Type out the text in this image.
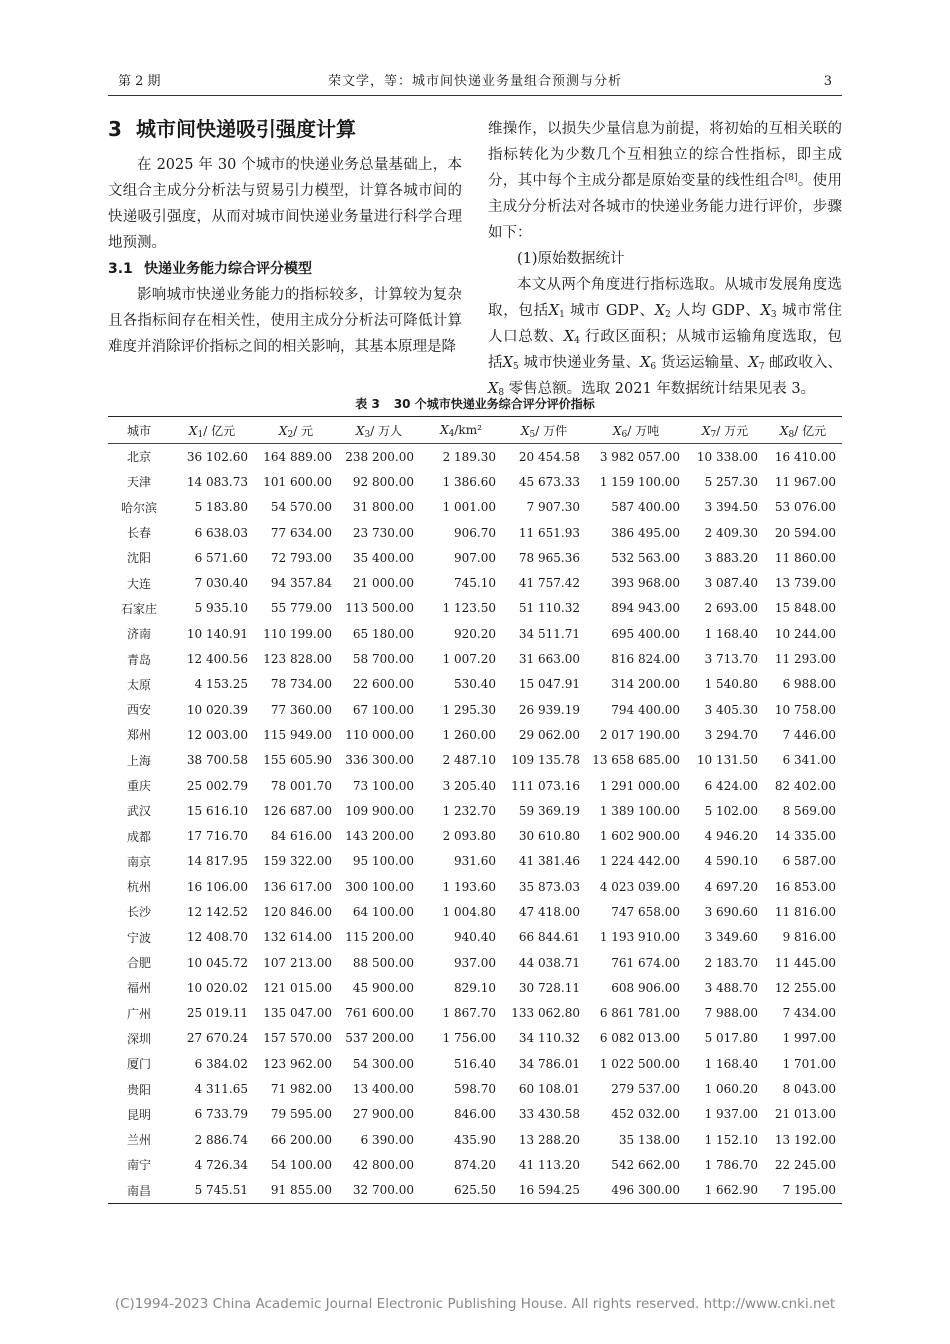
第 2 期	荣文学，等：城市间快递业务量组合预测与分析	3
3 城市间快递吸引强度计算

在 2025 年 30 个城市的快递业务总量基础上，本文组合主成分分析法与贸易引力模型，计算各城市间的快递吸引强度，从而对城市间快递业务量进行科学合理地预测。

3.1 快递业务能力综合评分模型

影响城市快递业务能力的指标较多，计算较为复杂且各指标间存在相关性，使用主成分分析法可降低计算难度并消除评价指标之间的相关影响，其基本原理是降

维操作，以损失少量信息为前提，将初始的互相关联的指标转化为少数几个互相独立的综合性指标，即主成分，其中每个主成分都是原始变量的线性组合[8]。使用主成分分析法对各城市的快递业务能力进行评价，步骤如下：

(1)原始数据统计

本文从两个角度进行指标选取。从城市发展角度选取，包括$X_1$ 城市 GDP、$X_2$ 人均 GDP、$X_3$ 城市常住人口总数、$X_4$ 行政区面积；从城市运输角度选取，包括$X_5$ 城市快递业务量、$X_6$ 货运运输量、$X_7$ 邮政收入、$X_8$ 零售总额。选取 2021 年数据统计结果见表 3。

表 3 30 个城市快递业务综合评分评价指标
城市	$X_1/$ 亿元	$X_2/$ 元	$X_3/$ 万人	$X_4$/km²	$X_5/$ 万件	$X_6/$ 万吨	$X_7/$ 万元	$X_8/$ 亿元
北京	36 102.60	164 889.00	238 200.00	2 189.30	20 454.58	3 982 057.00	10 338.00	16 410.00
天津	14 083.73	101 600.00	92 800.00	1 386.60	45 673.33	1 159 100.00	5 257.30	11 967.00
哈尔滨	5 183.80	54 570.00	31 800.00	1 001.00	7 907.30	587 400.00	3 394.50	53 076.00
长春	6 638.03	77 634.00	23 730.00	906.70	11 651.93	386 495.00	2 409.30	20 594.00
沈阳	6 571.60	72 793.00	35 400.00	907.00	78 965.36	532 563.00	3 883.20	11 860.00
大连	7 030.40	94 357.84	21 000.00	745.10	41 757.42	393 968.00	3 087.40	13 739.00
石家庄	5 935.10	55 779.00	113 500.00	1 123.50	51 110.32	894 943.00	2 693.00	15 848.00
济南	10 140.91	110 199.00	65 180.00	920.20	34 511.71	695 400.00	1 168.40	10 244.00
青岛	12 400.56	123 828.00	58 700.00	1 007.20	31 663.00	816 824.00	3 713.70	11 293.00
太原	4 153.25	78 734.00	22 600.00	530.40	15 047.91	314 200.00	1 540.80	6 988.00
西安	10 020.39	77 360.00	67 100.00	1 295.30	26 939.19	794 400.00	3 405.30	10 758.00
郑州	12 003.00	115 949.00	110 000.00	1 260.00	29 062.00	2 017 190.00	3 294.70	7 446.00
上海	38 700.58	155 605.90	336 300.00	2 487.10	109 135.78	13 658 685.00	10 131.50	6 341.00
重庆	25 002.79	78 001.70	73 100.00	3 205.40	111 073.16	1 291 000.00	6 424.00	82 402.00
武汉	15 616.10	126 687.00	109 900.00	1 232.70	59 369.19	1 389 100.00	5 102.00	8 569.00
成都	17 716.70	84 616.00	143 200.00	2 093.80	30 610.80	1 602 900.00	4 946.20	14 335.00
南京	14 817.95	159 322.00	95 100.00	931.60	41 381.46	1 224 442.00	4 590.10	6 587.00
杭州	16 106.00	136 617.00	300 100.00	1 193.60	35 873.03	4 023 039.00	4 697.20	16 853.00
长沙	12 142.52	120 846.00	64 100.00	1 004.80	47 418.00	747 658.00	3 690.60	11 816.00
宁波	12 408.70	132 614.00	115 200.00	940.40	66 844.61	1 193 910.00	3 349.60	9 816.00
合肥	10 045.72	107 213.00	88 500.00	937.00	44 038.71	761 674.00	2 183.70	11 445.00
福州	10 020.02	121 015.00	45 900.00	829.10	30 728.11	608 906.00	3 488.70	12 255.00
广州	25 019.11	135 047.00	761 600.00	1 867.70	133 062.80	6 861 781.00	7 988.00	7 434.00
深圳	27 670.24	157 570.00	537 200.00	1 756.00	34 110.32	6 082 013.00	5 017.80	1 997.00
厦门	6 384.02	123 962.00	54 300.00	516.40	34 786.01	1 022 500.00	1 168.40	1 701.00
贵阳	4 311.65	71 982.00	13 400.00	598.70	60 108.01	279 537.00	1 060.20	8 043.00
昆明	6 733.79	79 595.00	27 900.00	846.00	33 430.58	452 032.00	1 937.00	21 013.00
兰州	2 886.74	66 200.00	6 390.00	435.90	13 288.20	35 138.00	1 152.10	13 192.00
南宁	4 726.34	54 100.00	42 800.00	874.20	41 113.20	542 662.00	1 786.70	22 245.00
南昌	5 745.51	91 855.00	32 700.00	625.50	16 594.25	496 300.00	1 662.90	7 195.00
(C)1994-2023 China Academic Journal Electronic Publishing House. All rights reserved. http://www.cnki.net
